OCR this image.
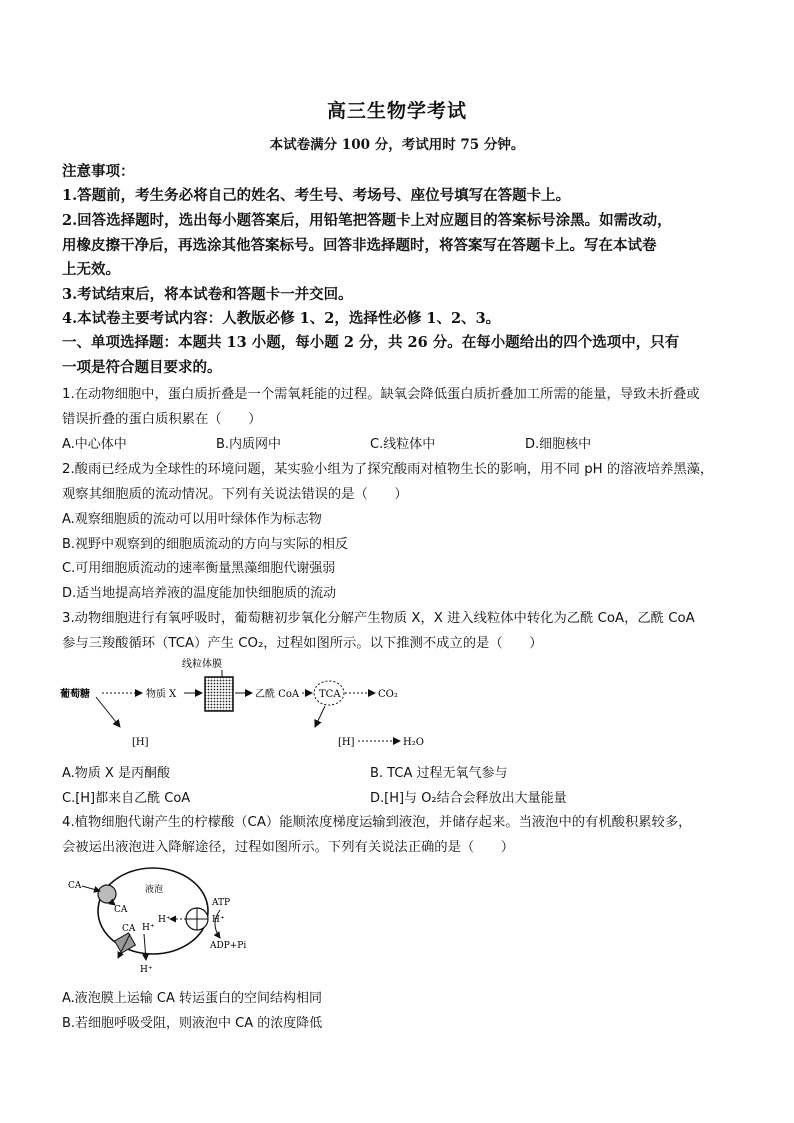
高三生物学考试
本试卷满分 100 分，考试用时 75 分钟。
注意事项：
1.答题前，考生务必将自己的姓名、考生号、考场号、座位号填写在答题卡上。
2.回答选择题时，选出每小题答案后，用铅笔把答题卡上对应题目的答案标号涂黑。如需改动，
用橡皮擦干净后，再选涂其他答案标号。回答非选择题时，将答案写在答题卡上。写在本试卷
上无效。
3.考试结束后，将本试卷和答题卡一并交回。
4.本试卷主要考试内容：人教版必修 1、2，选择性必修 1、2、3。
一、单项选择题：本题共 13 小题，每小题 2 分，共 26 分。在每小题给出的四个选项中，只有
一项是符合题目要求的。
1.在动物细胞中，蛋白质折叠是一个需氧耗能的过程。缺氧会降低蛋白质折叠加工所需的能量，导致未折叠或
错误折叠的蛋白质积累在（　　）
A.中心体中	B.内质网中	C.线粒体中	D.细胞核中
2.酸雨已经成为全球性的环境问题，某实验小组为了探究酸雨对植物生长的影响，用不同 pH 的溶液培养黑藻，
观察其细胞质的流动情况。下列有关说法错误的是（　　）
A.观察细胞质的流动可以用叶绿体作为标志物
B.视野中观察到的细胞质流动的方向与实际的相反
C.可用细胞质流动的速率衡量黑藻细胞代谢强弱
D.适当地提高培养液的温度能加快细胞质的流动
3.动物细胞进行有氧呼吸时，葡萄糖初步氧化分解产生物质 X，X 进入线粒体中转化为乙酰 CoA，乙酰 CoA
参与三羧酸循环（TCA）产生 CO₂，过程如图所示。以下推测不成立的是（　　）
线粒体膜
葡萄糖	物质 X	乙酰 CoA TCA	CO₂
[H]	[H]	H₂O
A.物质 X 是丙酮酸	B. TCA 过程无氧气参与
C.[H]都来自乙酰 CoA	D.[H]与 O₂结合会释放出大量能量
4.植物细胞代谢产生的柠檬酸（CA）能顺浓度梯度运输到液泡，并储存起来。当液泡中的有机酸积累较多，
会被运出液泡进入降解途径，过程如图所示。下列有关说法正确的是（　　）
液泡
CA
CA
ATP
H⁺
H⁺
ADP+Pi
CA H⁺
H⁺
A.液泡膜上运输 CA 转运蛋白的空间结构相同
B.若细胞呼吸受阻，则液泡中 CA 的浓度降低
